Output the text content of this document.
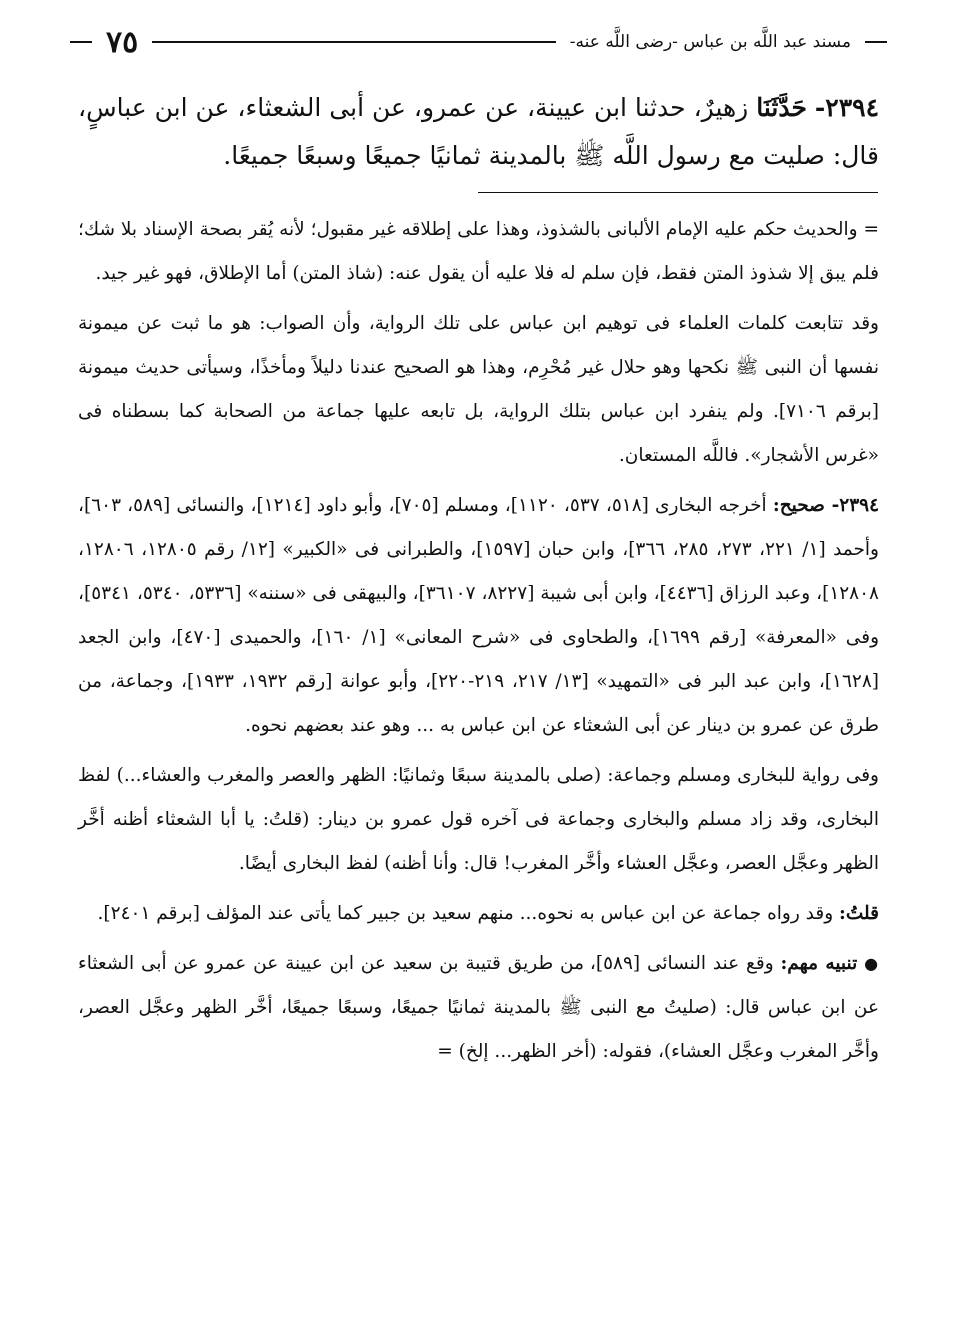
مسند عبد اللَّه بن عباس -رضى اللَّه عنه-
٧٥
٢٣٩٤- حَدَّثَنَا زهيرٌ، حدثنا ابن عيينة، عن عمرو، عن أبى الشعثاء، عن ابن عباسٍ، قال: صليت مع رسول اللَّه ﷺ بالمدينة ثمانيًا جميعًا وسبعًا جميعًا.

= والحديث حكم عليه الإمام الألبانى بالشذوذ، وهذا على إطلاقه غير مقبول؛ لأنه يُقر بصحة الإسناد بلا شك؛ فلم يبق إلا شذوذ المتن فقط، فإن سلم له فلا عليه أن يقول عنه: (شاذ المتن) أما الإطلاق، فهو غير جيد.

وقد تتابعت كلمات العلماء فى توهيم ابن عباس على تلك الرواية، وأن الصواب: هو ما ثبت عن ميمونة نفسها أن النبى ﷺ نكحها وهو حلال غير مُحْرِم، وهذا هو الصحيح عندنا دليلاً ومأخذًا، وسيأتى حديث ميمونة [برقم ٧١٠٦]. ولم ينفرد ابن عباس بتلك الرواية، بل تابعه عليها جماعة من الصحابة كما بسطناه فى «غرس الأشجار». فاللَّه المستعان.

٢٣٩٤- صحيح: أخرجه البخارى [٥١٨، ٥٣٧، ١١٢٠]، ومسلم [٧٠٥]، وأبو داود [١٢١٤]، والنسائى [٥٨٩، ٦٠٣]، وأحمد [١/ ٢٢١، ٢٧٣، ٢٨٥، ٣٦٦]، وابن حبان [١٥٩٧]، والطبرانى فى «الكبير» [١٢/ رقم ١٢٨٠٥، ١٢٨٠٦، ١٢٨٠٨]، وعبد الرزاق [٤٤٣٦]، وابن أبى شيبة [٨٢٢٧، ٣٦١٠٧]، والبيهقى فى «سننه» [٥٣٣٦، ٥٣٤٠، ٥٣٤١]، وفى «المعرفة» [رقم ١٦٩٩]، والطحاوى فى «شرح المعانى» [١/ ١٦٠]، والحميدى [٤٧٠]، وابن الجعد [١٦٢٨]، وابن عبد البر فى «التمهيد» [١٣/ ٢١٧، ٢١٩-٢٢٠]، وأبو عوانة [رقم ١٩٣٢، ١٩٣٣]، وجماعة، من طرق عن عمرو بن دينار عن أبى الشعثاء عن ابن عباس به ... وهو عند بعضهم نحوه.

وفى رواية للبخارى ومسلم وجماعة: (صلى بالمدينة سبعًا وثمانيًا: الظهر والعصر والمغرب والعشاء...) لفظ البخارى، وقد زاد مسلم والبخارى وجماعة فى آخره قول عمرو بن دينار: (قلتُ: يا أبا الشعثاء أظنه أخَّر الظهر وعجَّل العصر، وعجَّل العشاء وأخَّر المغرب! قال: وأنا أظنه) لفظ البخارى أيضًا.

قلتُ: وقد رواه جماعة عن ابن عباس به نحوه... منهم سعيد بن جبير كما يأتى عند المؤلف [برقم ٢٤٠١].

● تنبيه مهم: وقع عند النسائى [٥٨٩]، من طريق قتيبة بن سعيد عن ابن عيينة عن عمرو عن أبى الشعثاء عن ابن عباس قال: (صليتُ مع النبى ﷺ بالمدينة ثمانيًا جميعًا، وسبعًا جميعًا، أخَّر الظهر وعجَّل العصر، وأخَّر المغرب وعجَّل العشاء)، فقوله: (أخر الظهر... إلخ) =
